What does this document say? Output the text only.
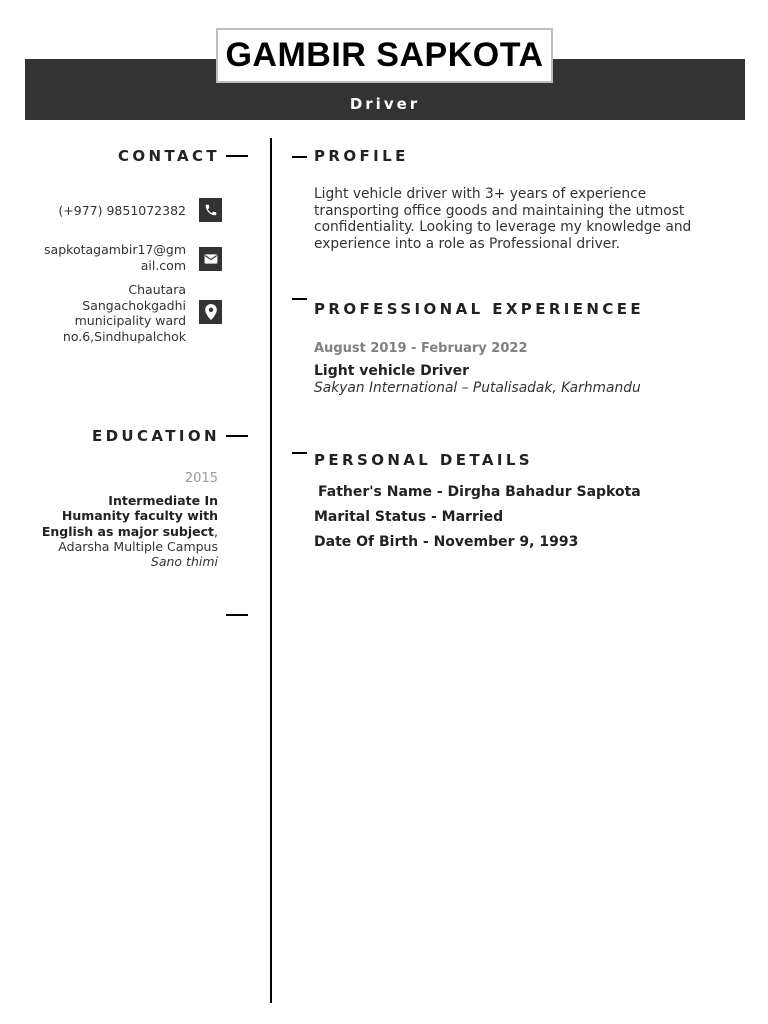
GAMBIR SAPKOTA
Driver
CONTACT
(+977) 9851072382
sapkotagambir17@gm
ail.com
Chautara
Sangachokgadhi
municipality ward
no.6,Sindhupalchok
EDUCATION
2015
Intermediate In
Humanity faculty with
English as major subject,
Adarsha Multiple Campus
Sano thimi
PROFILE
Light vehicle driver with 3+ years of experience transporting office goods and maintaining the utmost confidentiality. Looking to leverage my knowledge and experience into a role as Professional driver.
PROFESSIONAL EXPERIENCEE
August 2019 - February 2022
Light vehicle Driver
Sakyan International – Putalisadak, Karhmandu
PERSONAL DETAILS
Father's Name - Dirgha Bahadur Sapkota
Marital Status - Married
Date Of Birth - November 9, 1993
